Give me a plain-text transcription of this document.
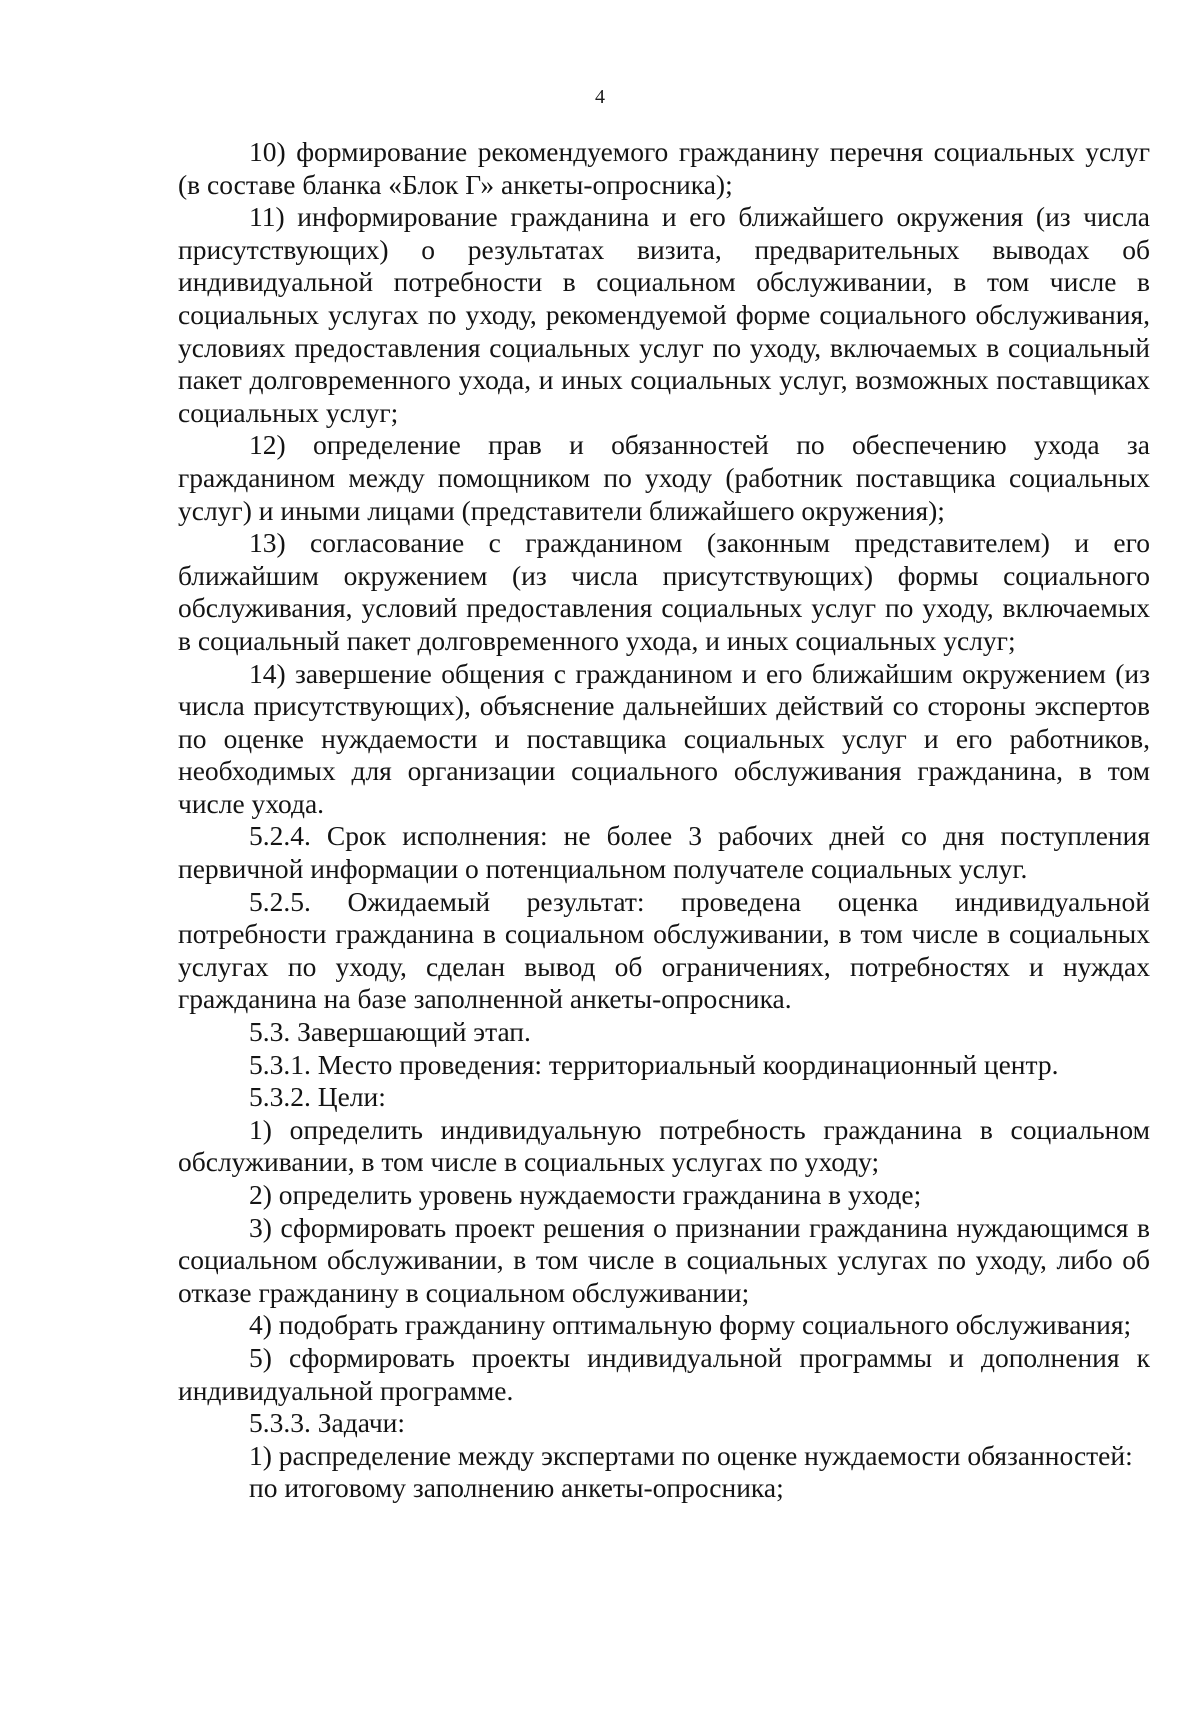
4

10) формирование рекомендуемого гражданину перечня социальных услуг (в составе бланка «Блок Г» анкеты-опросника);

11) информирование гражданина и его ближайшего окружения (из числа присутствующих) о результатах визита, предварительных выводах об индивидуальной потребности в социальном обслуживании, в том числе в социальных услугах по уходу, рекомендуемой форме социального обслуживания, условиях предоставления социальных услуг по уходу, включаемых в социальный пакет долговременного ухода, и иных социальных услуг, возможных поставщиках социальных услуг;

12) определение прав и обязанностей по обеспечению ухода за гражданином между помощником по уходу (работник поставщика социальных услуг) и иными лицами (представители ближайшего окружения);

13) согласование с гражданином (законным представителем) и его ближайшим окружением (из числа присутствующих) формы социального обслуживания, условий предоставления социальных услуг по уходу, включаемых в социальный пакет долговременного ухода, и иных социальных услуг;

14) завершение общения с гражданином и его ближайшим окружением (из числа присутствующих), объяснение дальнейших действий со стороны экспертов по оценке нуждаемости и поставщика социальных услуг и его работников, необходимых для организации социального обслуживания гражданина, в том числе ухода.

5.2.4. Срок исполнения: не более 3 рабочих дней со дня поступления первичной информации о потенциальном получателе социальных услуг.

5.2.5. Ожидаемый результат: проведена оценка индивидуальной потребности гражданина в социальном обслуживании, в том числе в социальных услугах по уходу, сделан вывод об ограничениях, потребностях и нуждах гражданина на базе заполненной анкеты-опросника.

5.3. Завершающий этап.

5.3.1. Место проведения: территориальный координационный центр.

5.3.2. Цели:

1) определить индивидуальную потребность гражданина в социальном обслуживании, в том числе в социальных услугах по уходу;

2) определить уровень нуждаемости гражданина в уходе;

3) сформировать проект решения о признании гражданина нуждающимся в социальном обслуживании, в том числе в социальных услугах по уходу, либо об отказе гражданину в социальном обслуживании;

4) подобрать гражданину оптимальную форму социального обслуживания;

5) сформировать проекты индивидуальной программы и дополнения к индивидуальной программе.

5.3.3. Задачи:

1) распределение между экспертами по оценке нуждаемости обязанностей:

по итоговому заполнению анкеты-опросника;
